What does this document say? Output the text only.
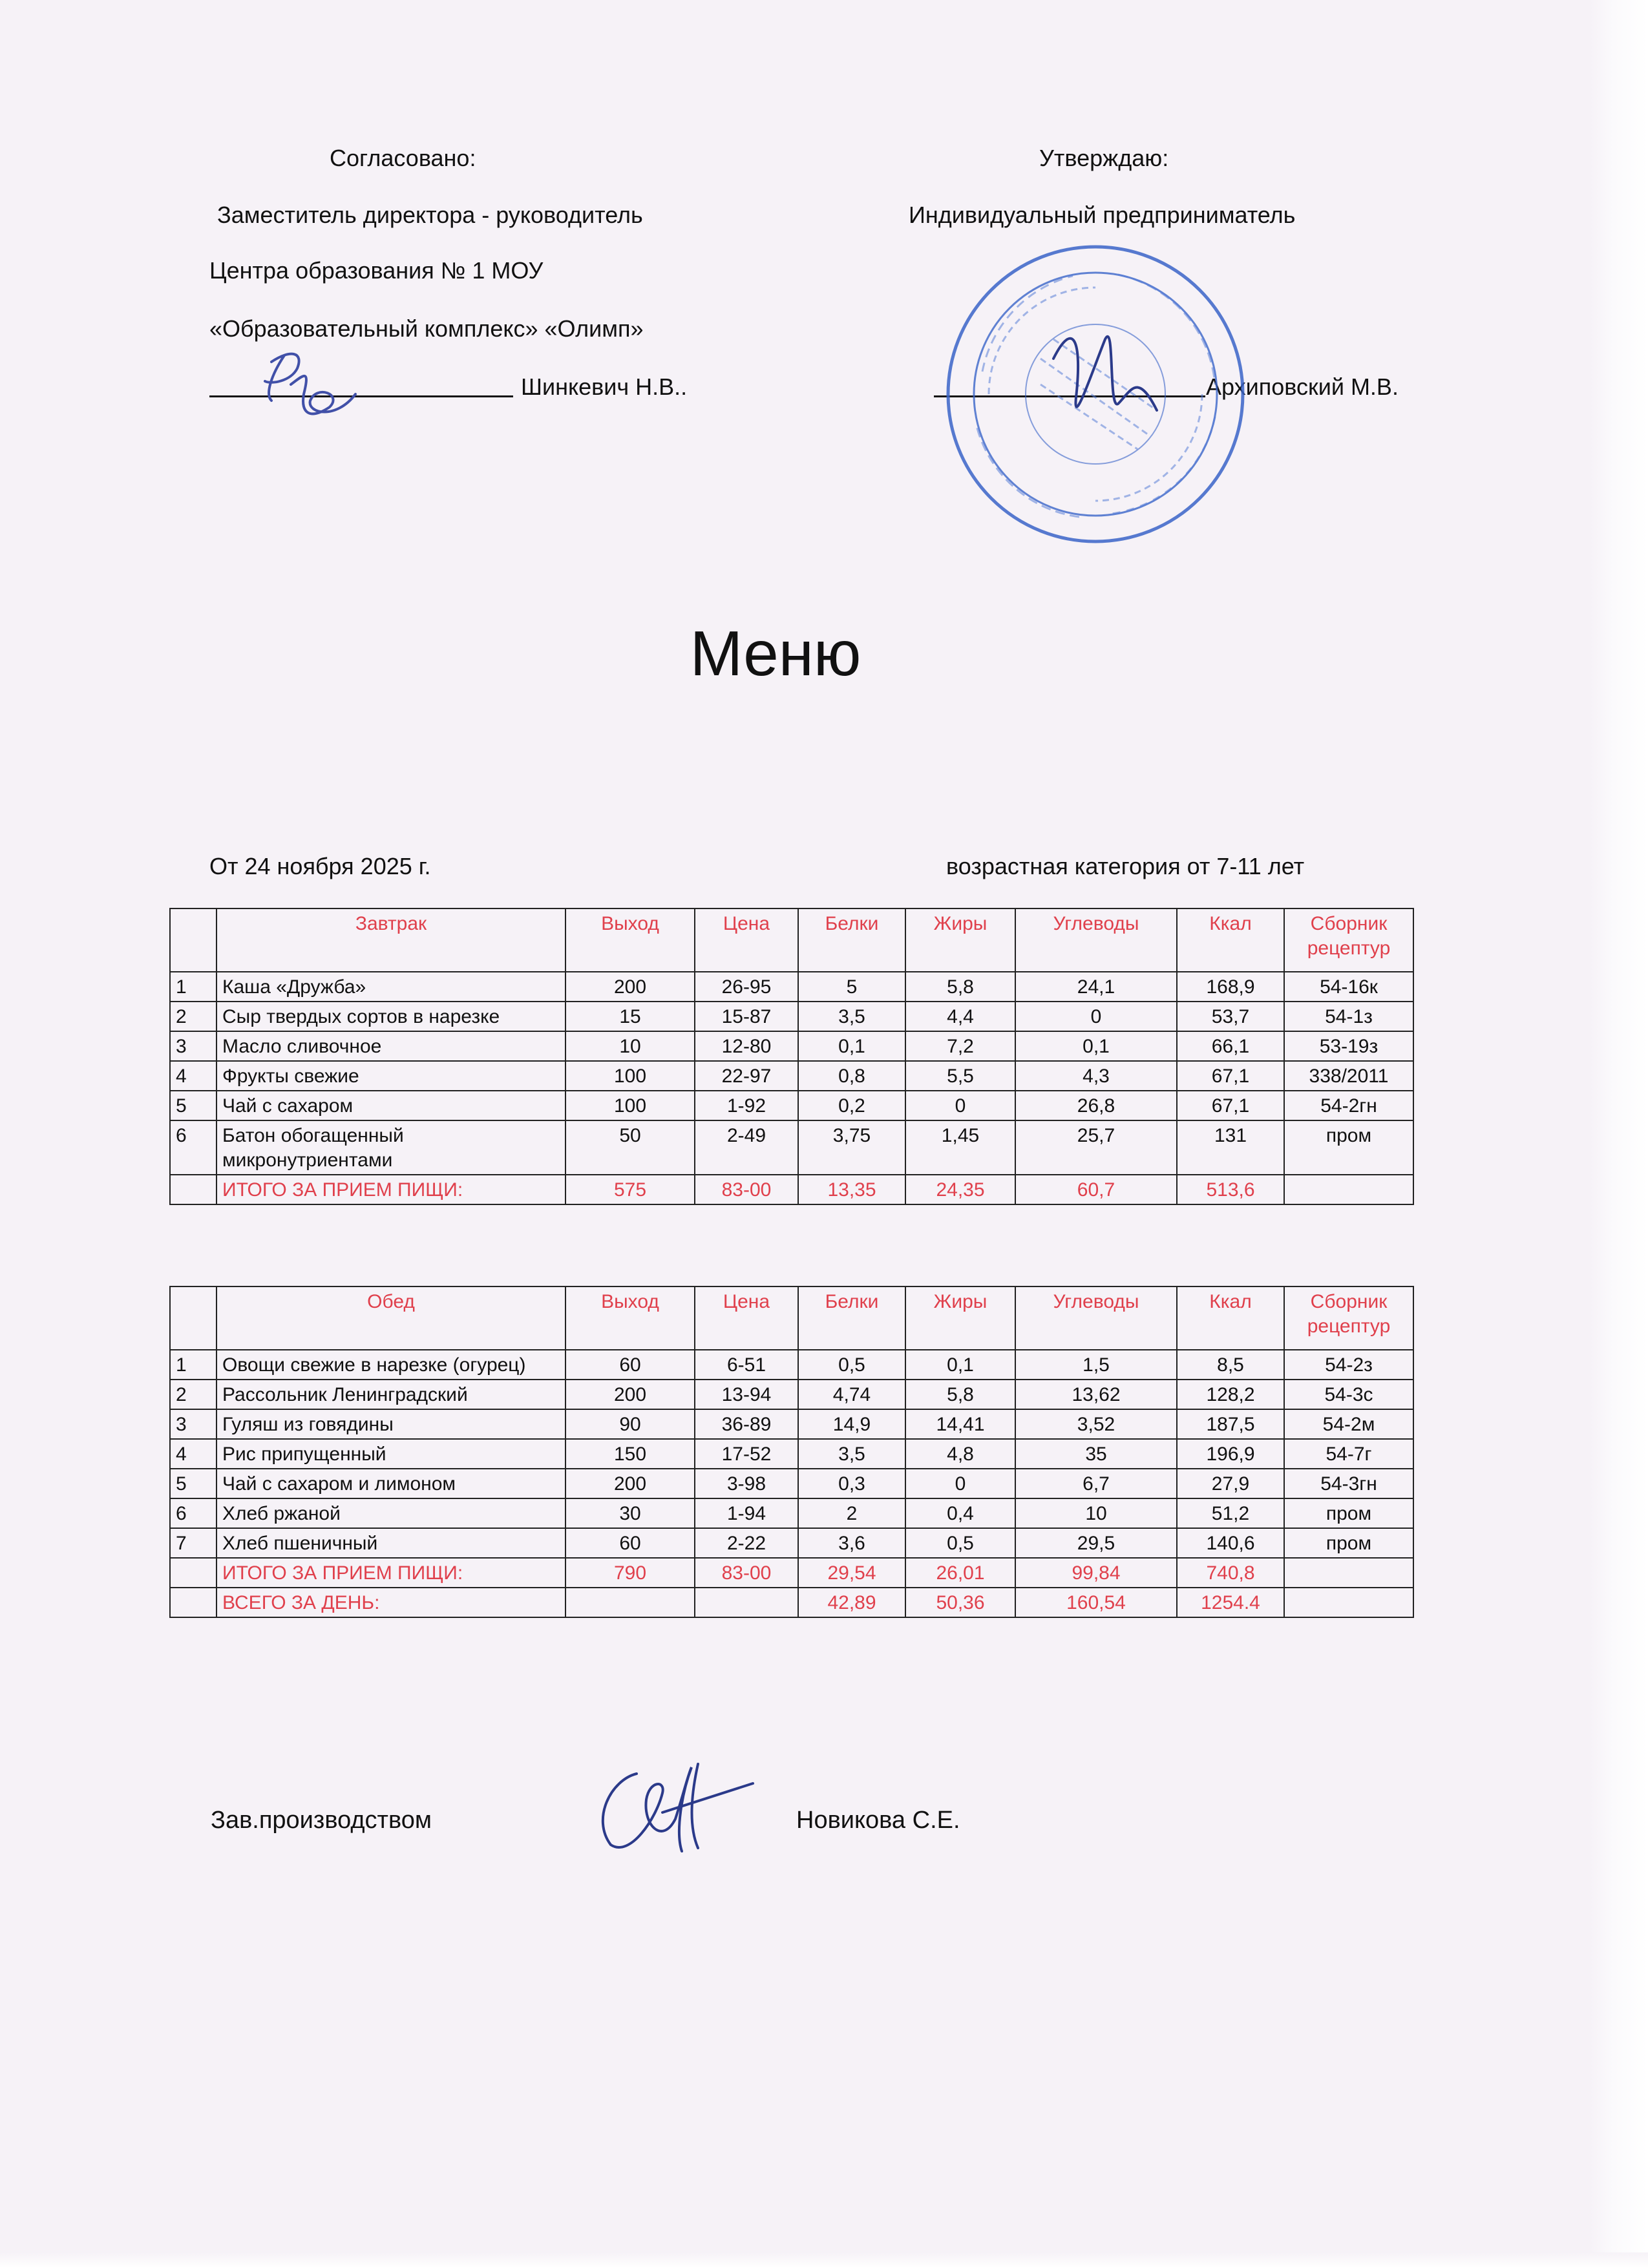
Согласовано:
Заместитель директора - руководитель
Центра образования № 1 МОУ
«Образовательный комплекс» «Олимп»
Шинкевич Н.В..
Утверждаю:
Индивидуальный предприниматель
Архиповский М.В.
Меню
От 24 ноября 2025 г.	возрастная категория от 7-11 лет
	Завтрак	Выход	Цена	Белки	Жиры	Углеводы	Ккал	Сборник рецептур
1	Каша «Дружба»	200	26-95	5	5,8	24,1	168,9	54-16к
2	Сыр твердых сортов в нарезке	15	15-87	3,5	4,4	0	53,7	54-1з
3	Масло сливочное	10	12-80	0,1	7,2	0,1	66,1	53-19з
4	Фрукты свежие	100	22-97	0,8	5,5	4,3	67,1	338/2011
5	Чай с сахаром	100	1-92	0,2	0	26,8	67,1	54-2гн
6	Батон обогащенный микронутриентами	50	2-49	3,75	1,45	25,7	131	пром
	ИТОГО ЗА ПРИЕМ ПИЩИ:	575	83-00	13,35	24,35	60,7	513,6	
	Обед	Выход	Цена	Белки	Жиры	Углеводы	Ккал	Сборник рецептур
1	Овощи свежие в нарезке (огурец)	60	6-51	0,5	0,1	1,5	8,5	54-2з
2	Рассольник Ленинградский	200	13-94	4,74	5,8	13,62	128,2	54-3с
3	Гуляш из говядины	90	36-89	14,9	14,41	3,52	187,5	54-2м
4	Рис припущенный	150	17-52	3,5	4,8	35	196,9	54-7г
5	Чай с сахаром и лимоном	200	3-98	0,3	0	6,7	27,9	54-3гн
6	Хлеб ржаной	30	1-94	2	0,4	10	51,2	пром
7	Хлеб пшеничный	60	2-22	3,6	0,5	29,5	140,6	пром
	ИТОГО ЗА ПРИЕМ ПИЩИ:	790	83-00	29,54	26,01	99,84	740,8	
	ВСЕГО ЗА ДЕНЬ:			42,89	50,36	160,54	1254.4	
Зав.производством	Новикова С.Е.
